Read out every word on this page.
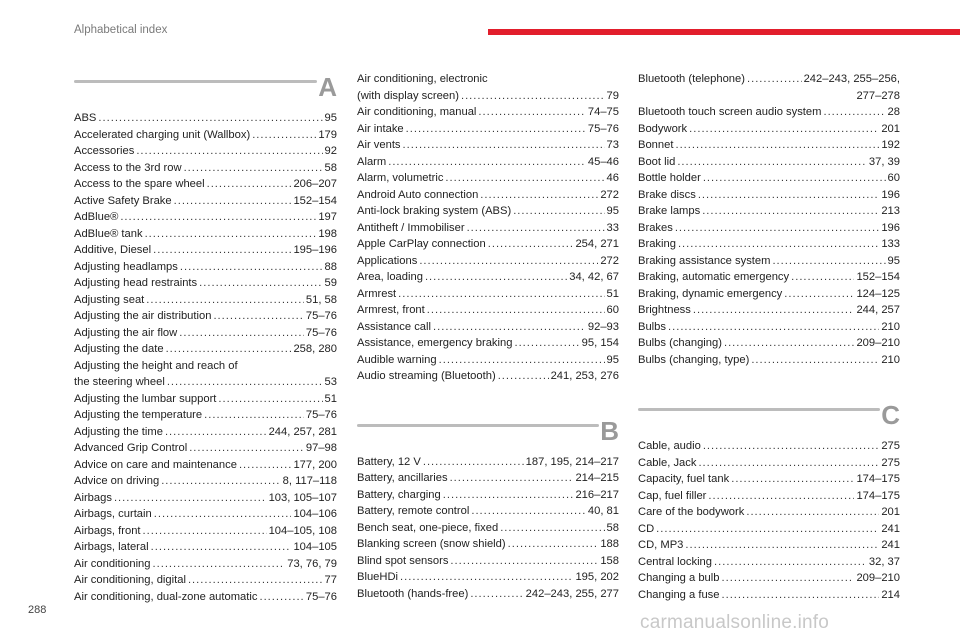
Alphabetical index
A
ABS .....	95
Accelerated charging unit (Wallbox) .....	179
Accessories .....	92
Access to the 3rd row .....	58
Access to the spare wheel .....	206–207
Active Safety Brake .....	152–154
AdBlue® .....	197
AdBlue® tank .....	198
Additive, Diesel .....	195–196
Adjusting headlamps .....	88
Adjusting head restraints .....	59
Adjusting seat .....	51, 58
Adjusting the air distribution .....	75–76
Adjusting the air flow .....	75–76
Adjusting the date .....	258, 280
Adjusting the height and reach of
the steering wheel .....	53
Adjusting the lumbar support .....	51
Adjusting the temperature .....	75–76
Adjusting the time .....	244, 257, 281
Advanced Grip Control .....	97–98
Advice on care and maintenance .....	177, 200
Advice on driving .....	8, 117–118
Airbags .....	103, 105–107
Airbags, curtain .....	104–106
Airbags, front .....	104–105, 108
Airbags, lateral .....	104–105
Air conditioning .....	73, 76, 79
Air conditioning, digital .....	77
Air conditioning, dual-zone automatic .....	75–76
Air conditioning, electronic
(with display screen) .....	79
Air conditioning, manual .....	74–75
Air intake .....	75–76
Air vents .....	73
Alarm .....	45–46
Alarm, volumetric .....	46
Android Auto connection .....	272
Anti-lock braking system (ABS) .....	95
Antitheft / Immobiliser .....	33
Apple CarPlay connection .....	254, 271
Applications .....	272
Area, loading .....	34, 42, 67
Armrest .....	51
Armrest, front .....	60
Assistance call .....	92–93
Assistance, emergency braking .....	95, 154
Audible warning .....	95
Audio streaming (Bluetooth) .....	241, 253, 276
B
Battery, 12 V .....	187, 195, 214–217
Battery, ancillaries .....	214–215
Battery, charging .....	216–217
Battery, remote control .....	40, 81
Bench seat, one-piece, fixed .....	58
Blanking screen (snow shield) .....	188
Blind spot sensors .....	158
BlueHDi .....	195, 202
Bluetooth (hands-free) .....	242–243, 255, 277
Bluetooth (telephone) .....	242–243, 255–256,
277–278
Bluetooth touch screen audio system .....	28
Bodywork .....	201
Bonnet .....	192
Boot lid .....	37, 39
Bottle holder .....	60
Brake discs .....	196
Brake lamps .....	213
Brakes .....	196
Braking .....	133
Braking assistance system .....	95
Braking, automatic emergency .....	152–154
Braking, dynamic emergency .....	124–125
Brightness .....	244, 257
Bulbs .....	210
Bulbs (changing) .....	209–210
Bulbs (changing, type) .....	210
C
Cable, audio .....	275
Cable, Jack .....	275
Capacity, fuel tank .....	174–175
Cap, fuel filler .....	174–175
Care of the bodywork .....	201
CD .....	241
CD, MP3 .....	241
Central locking .....	32, 37
Changing a bulb .....	209–210
Changing a fuse .....	214
288
carmanualsonline.info
